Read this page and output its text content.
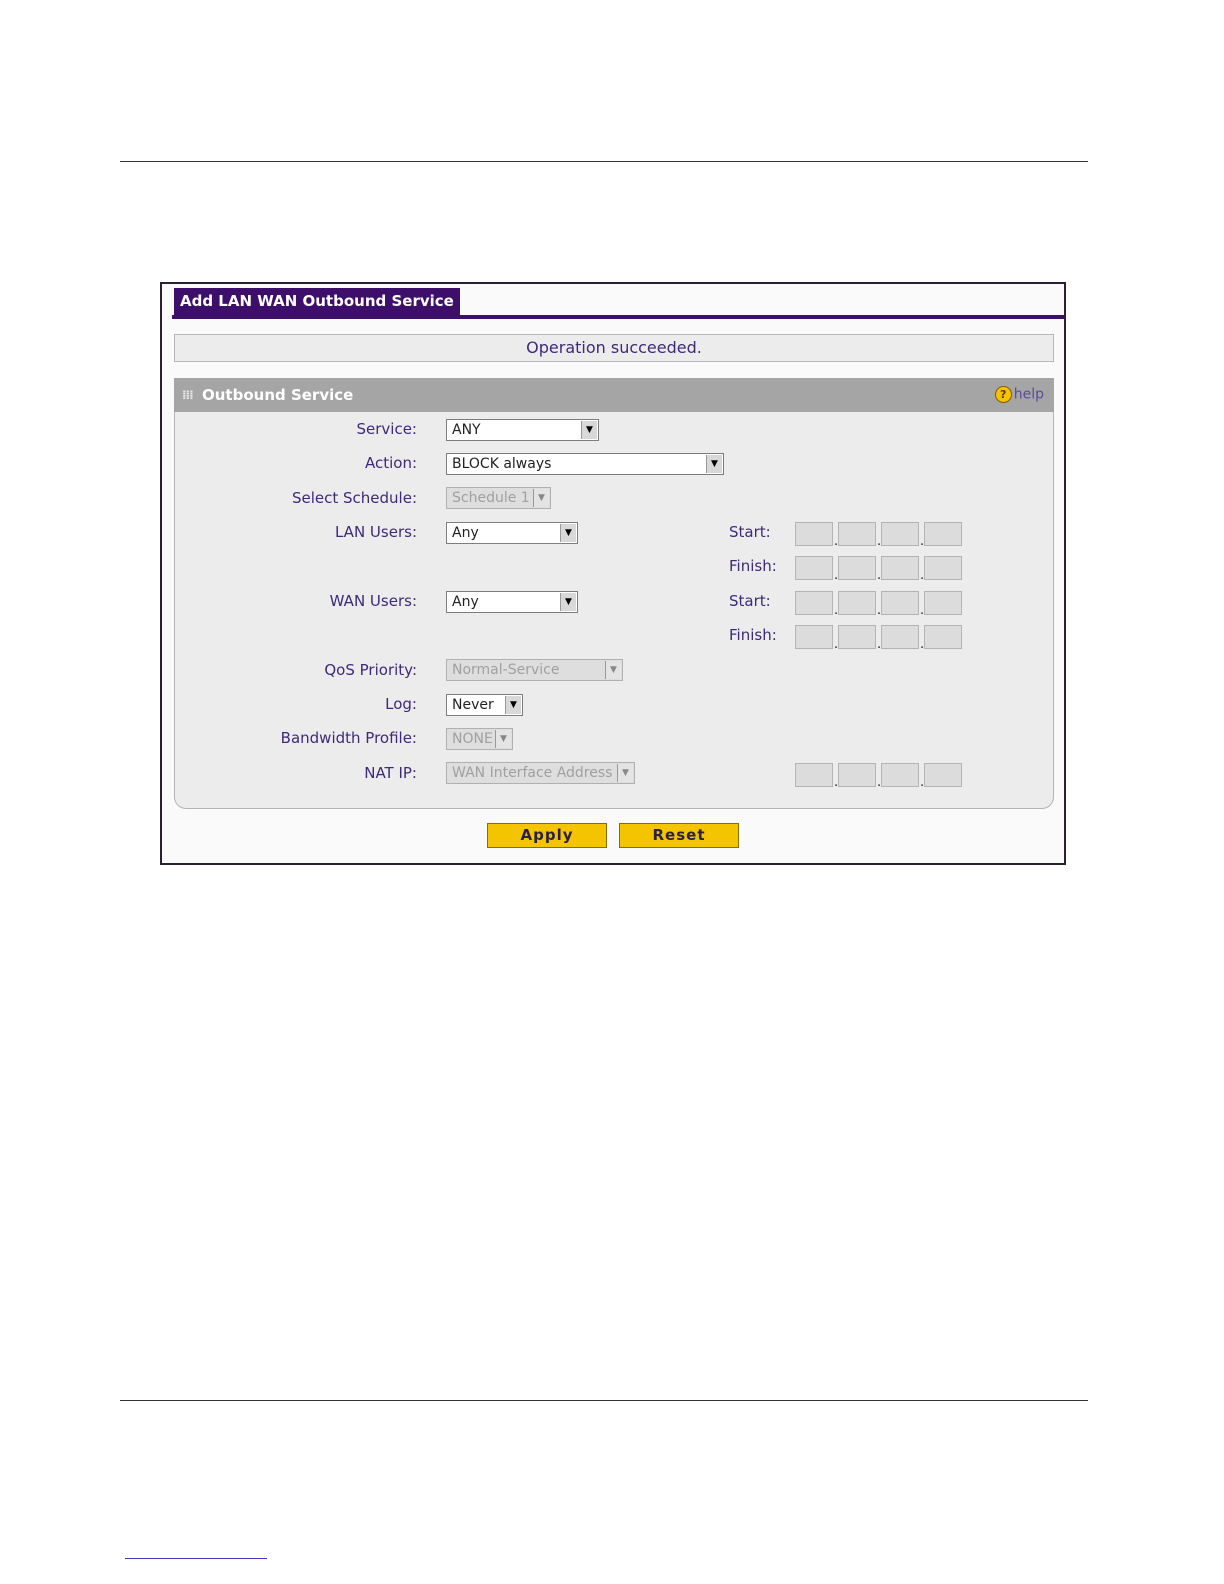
Add LAN WAN Outbound Service
Operation succeeded.
⁞⁞⁞ Outbound Service	? help
Service:	ANY	▼
Action:	BLOCK always	▼
Select Schedule:	Schedule 1 ▼
LAN Users:	Any	▼	Start:
.	.	.
Finish:
.	.	.
WAN Users:	Any	▼	Start:
.	.	.
Finish:
.	.	.
QoS Priority:	Normal-Service	▼
Log:	Never	▼
Bandwidth Profile:	NONE ▼
NAT IP:	WAN Interface Address	▼
.	.	.
Apply	Reset
